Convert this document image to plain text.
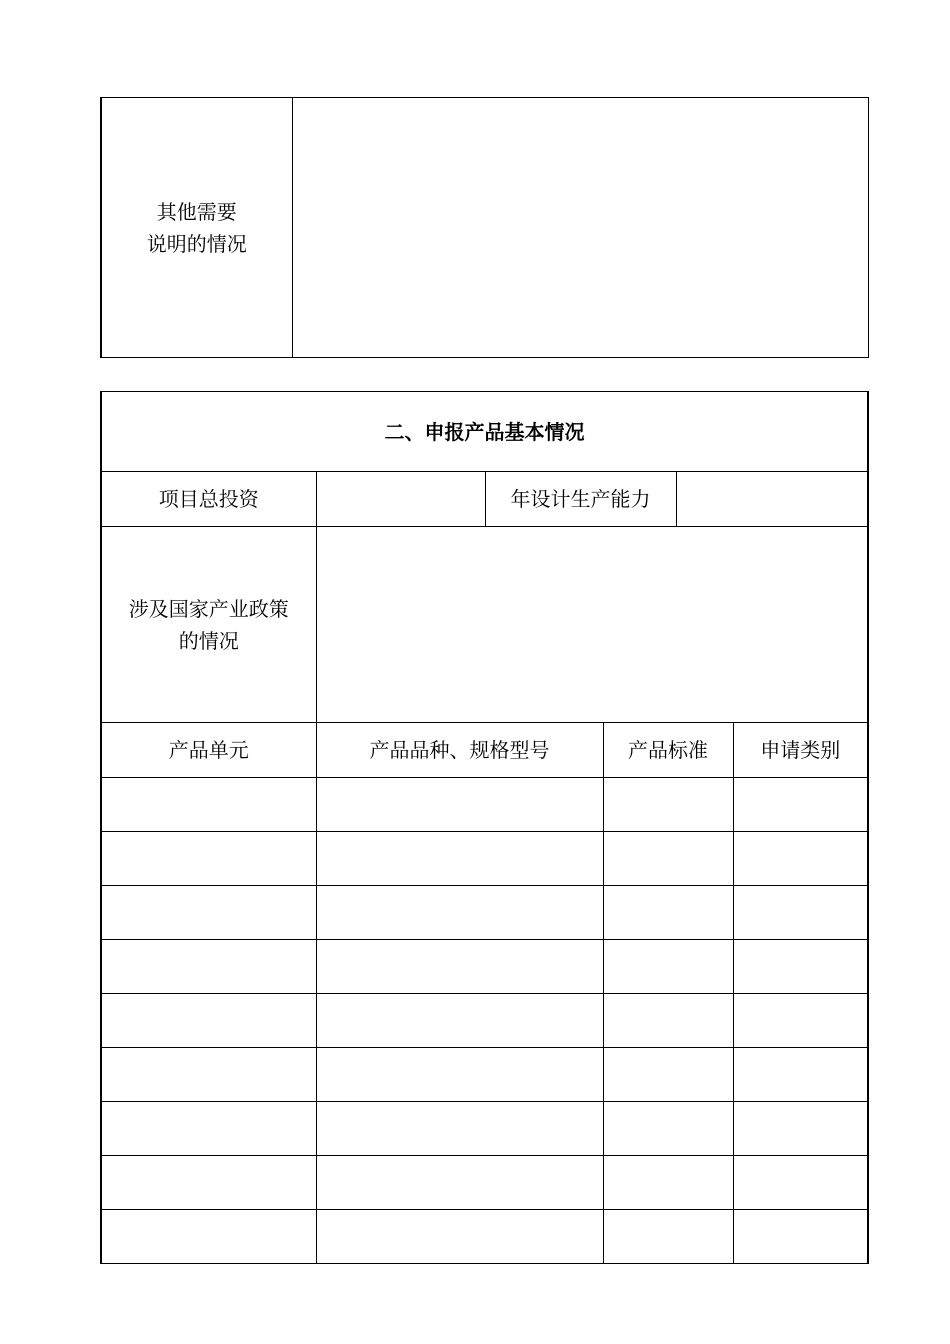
其他需要
说明的情况

二、申报产品基本情况					
项目总投资		年设计生产能力			

涉及国家产业政策
的情况					

产品单元	产品品种、规格型号		产品标准		申请类别
